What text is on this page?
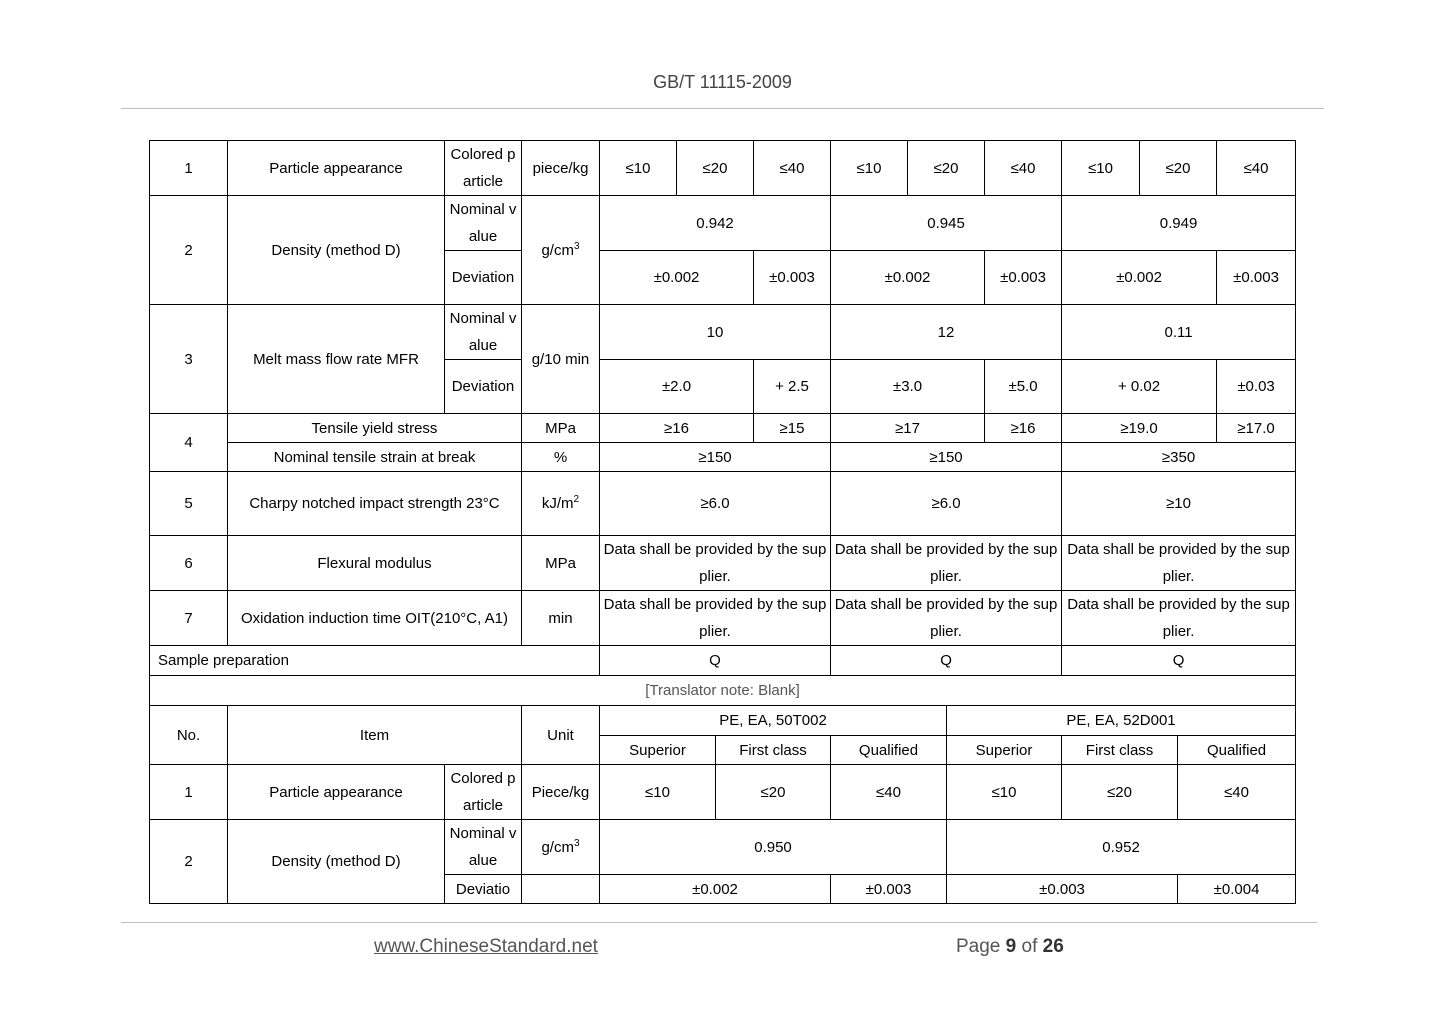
GB/T 11115-2009
1	Particle appearance	Colored particle	piece/kg	≤10	≤20		≤40	≤10	≤20		≤40	≤10	≤20		≤40
2	Density (method D)	Nominal value	$g/cm^3$	0.942				0.945				0.949			
		Deviation		±0.002			±0.003	±0.002			±0.003	±0.002			±0.003
3	Melt mass flow rate MFR	Nominal value	g/10 min	10				12				0.11			
		Deviation		±2.0			+ 2.5	±3.0			±5.0	+ 0.02			±0.03
4	Tensile yield stress		MPa	≥16			≥15	≥17			≥16	≥19.0			≥17.0
	Nominal tensile strain at break		%	≥150				≥150				≥350			
5	Charpy notched impact strength 23°C		$kJ/m^2$	≥6.0				≥6.0				≥10			
6	Flexural modulus		MPa	Data shall be provided by the supplier.				Data shall be provided by the supplier.				Data shall be provided by the supplier.			
7	Oxidation induction time OIT(210°C, A1)		min	Data shall be provided by the supplier.				Data shall be provided by the supplier.				Data shall be provided by the supplier.			
Sample preparation				Q				Q				Q			
[Translator note: Blank]															
No.	Item		Unit	PE, EA, 50T002						PE, EA, 52D001					
				Superior		First class		Qualified		Superior		First class		Qualified	
1	Particle appearance	Colored particle	Piece/kg	≤10		≤20		≤40		≤10		≤20		≤40	
2	Density (method D)	Nominal value	$g/cm^3$	0.950						0.952					
		Deviatio		±0.002				±0.003		±0.003				±0.004	
www.ChineseStandard.net	Page 9 of 26
